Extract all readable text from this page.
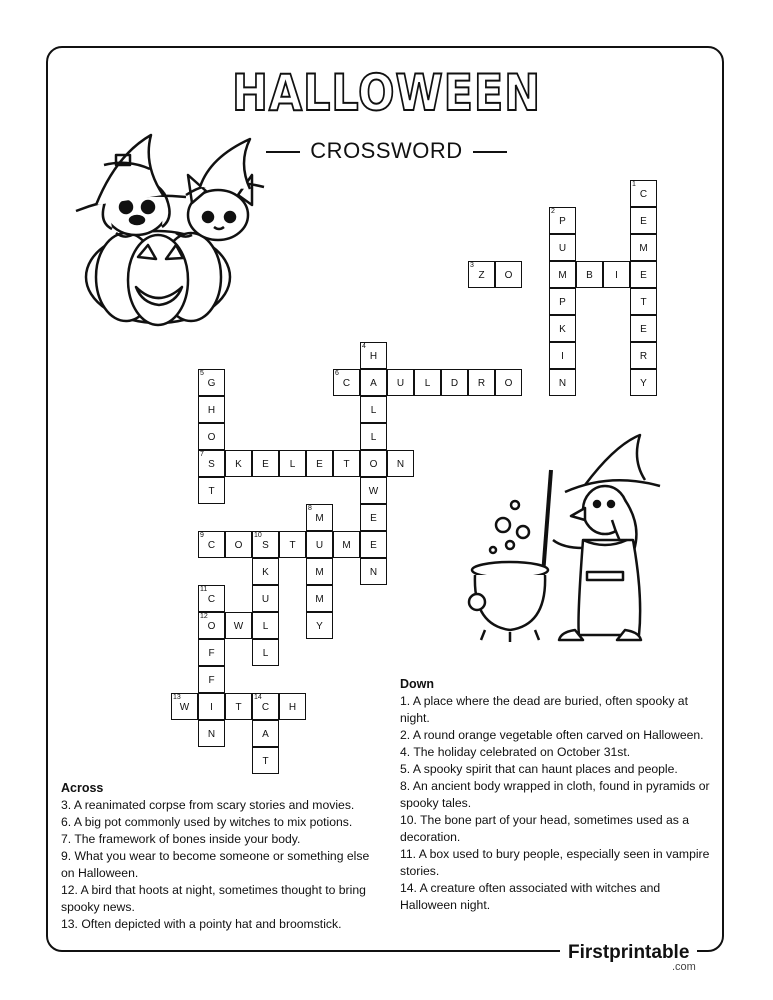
HALLOWEEN
CROSSWORD
1
C
E
M
E
T
E
R
Y
2
P
U
M
P
K
I
N
3
Z	O	B	I
4
H
A
L
L
O
W
E
E
N
6
C	U	L	D	R	O
5
G
H
O
7
S
T
K	E	L	E	T	N
8
M
U
M
M
Y
9
C	O
10
S	T	M
K
U
L
L
11
C
12
O	W
F
F
13
W	I	T
14
C	H
N	A
T
Across

3. A reanimated corpse from scary stories and movies.

6. A big pot commonly used by witches to mix potions.

7. The framework of bones inside your body.

9. What you wear to become someone or something else on Halloween.

12. A bird that hoots at night, sometimes thought to bring spooky news.

13. Often depicted with a pointy hat and broomstick.

Down

1. A place where the dead are buried, often spooky at night.

2. A round orange vegetable often carved on Halloween.

4. The holiday celebrated on October 31st.

5. A spooky spirit that can haunt places and people.

8. An ancient body wrapped in cloth, found in pyramids or spooky tales.

10. The bone part of your head, sometimes used as a decoration.

11. A box used to bury people, especially seen in vampire stories.

14. A creature often associated with witches and Halloween night.

Firstprintable
.com
